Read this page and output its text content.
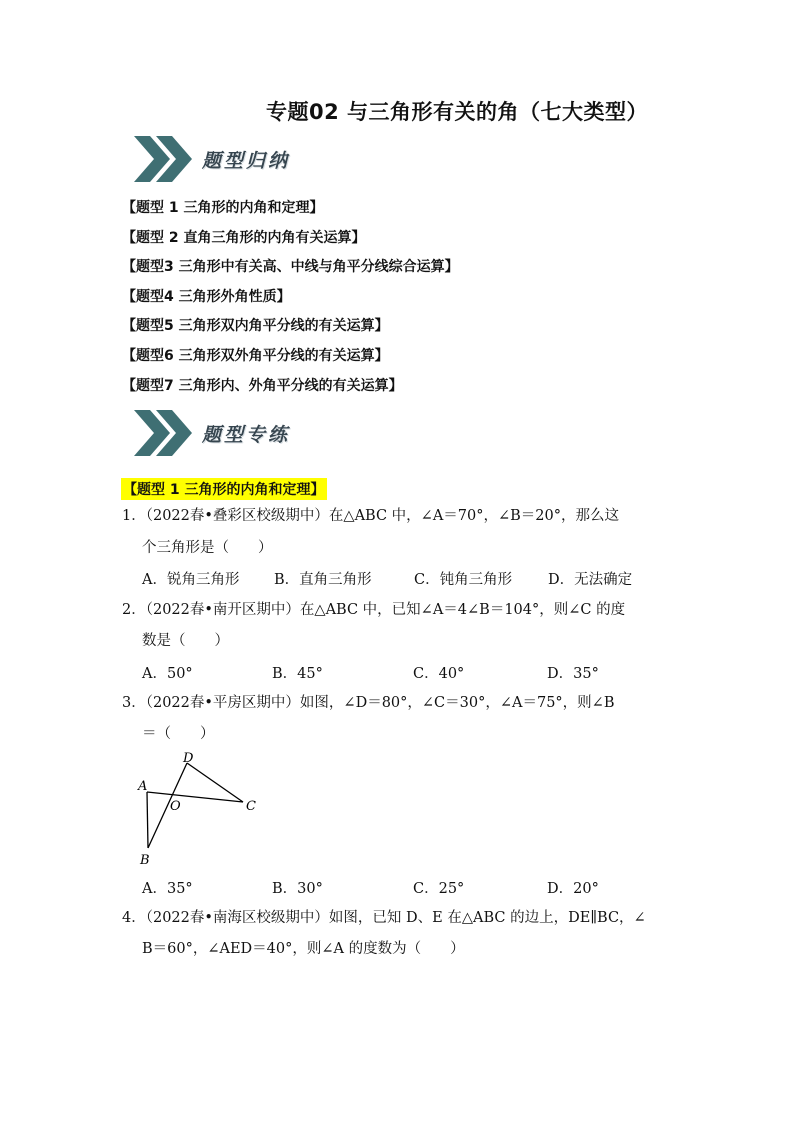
专题02 与三角形有关的角（七大类型）
题型归纳
【题型 1 三角形的内角和定理】
【题型 2 直角三角形的内角有关运算】
【题型3 三角形中有关高、中线与角平分线综合运算】
【题型4 三角形外角性质】
【题型5 三角形双内角平分线的有关运算】
【题型6 三角形双外角平分线的有关运算】
【题型7 三角形内、外角平分线的有关运算】
题型专练
【题型 1 三角形的内角和定理】
1．（2022春•叠彩区校级期中）在△ABC 中，∠A＝70°，∠B＝20°，那么这
个三角形是（　　）
A．锐角三角形 B．直角三角形	C．钝角三角形 D．无法确定
2．（2022春•南开区期中）在△ABC 中，已知∠A＝4∠B＝104°，则∠C 的度
数是（　　）
A．50°	B．45°	C．40°	D．35°
3．（2022春•平房区期中）如图，∠D＝80°，∠C＝30°，∠A＝75°，则∠B
＝（　　）
D
A
O	C
B
A．35°	B．30°	C．25°	D．20°
4．（2022春•南海区校级期中）如图，已知 D、E 在△ABC 的边上，DE∥BC，∠
B＝60°，∠AED＝40°，则∠A 的度数为（　　）
